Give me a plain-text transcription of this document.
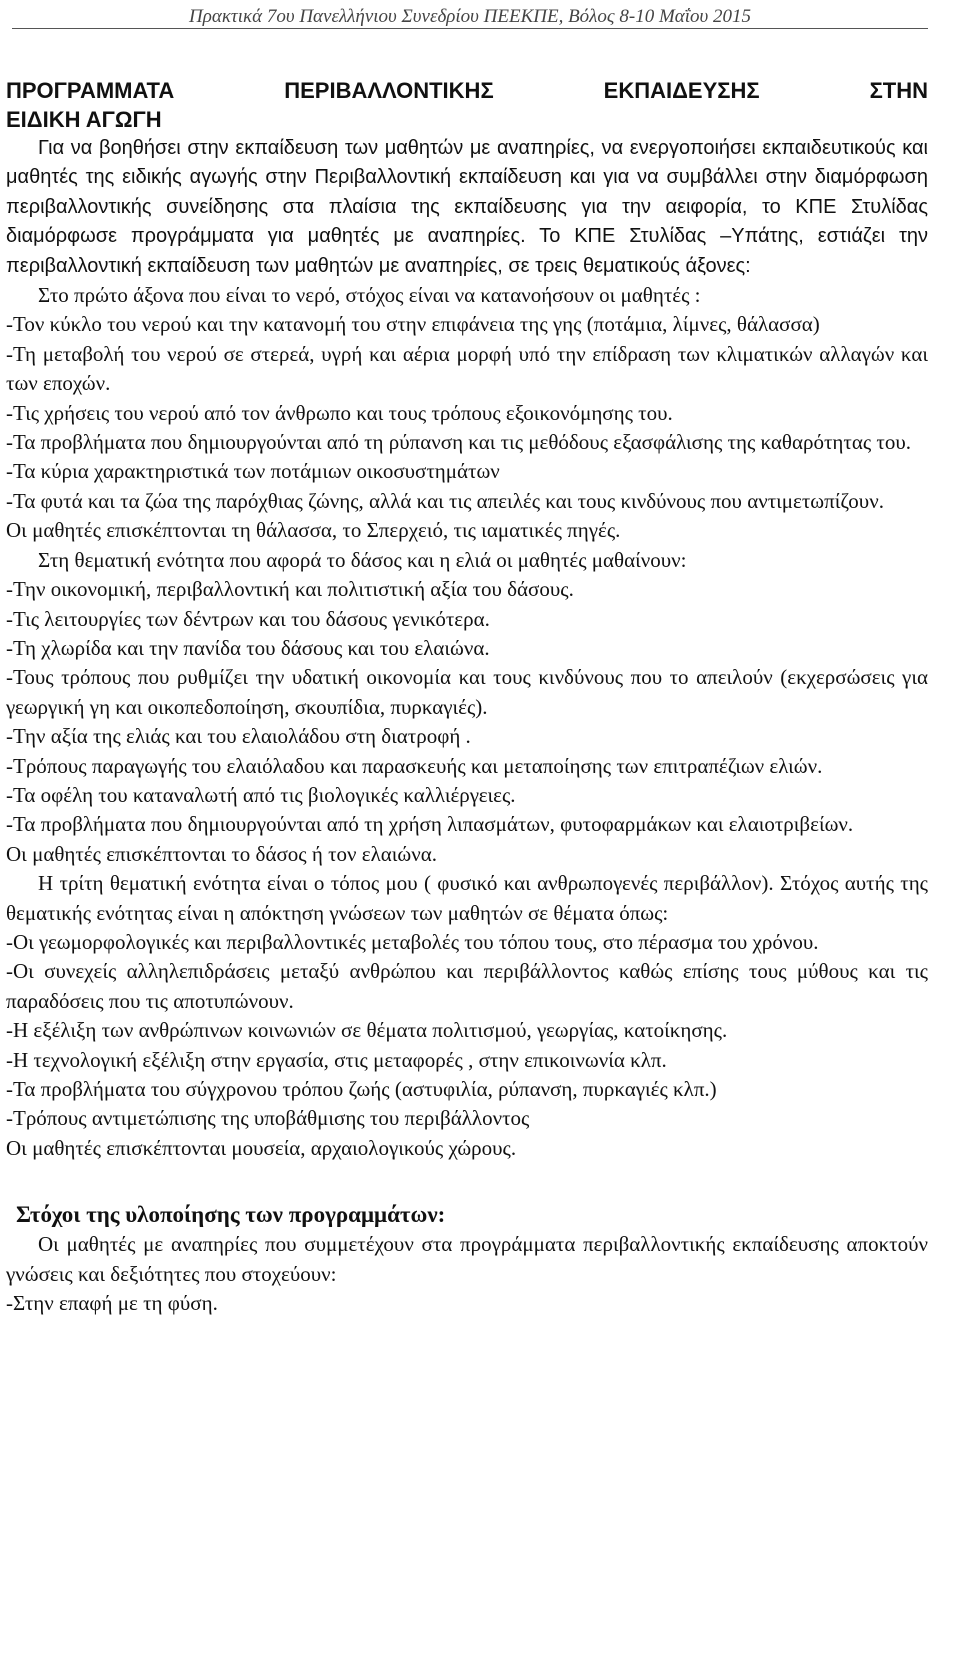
Πρακτικά 7ου Πανελλήνιου Συνεδρίου ΠΕΕΚΠΕ, Βόλος 8-10 Μαΐου 2015
ΠΡΟΓΡΑΜΜΑΤΑ	ΠΕΡΙΒΑΛΛΟΝΤΙΚΗΣ	ΕΚΠΑΙΔΕΥΣΗΣ	ΣΤΗΝ
ΕΙΔΙΚΗ ΑΓΩΓΗ

Για να βοηθήσει στην εκπαίδευση των μαθητών με αναπηρίες, να ενεργοποιήσει εκπαιδευτικούς και μαθητές της ειδικής αγωγής στην Περιβαλλοντική εκπαίδευση και για να συμβάλλει στην διαμόρφωση περιβαλλοντικής συνείδησης στα πλαίσια της εκπαίδευσης για την αειφορία, το ΚΠΕ Στυλίδας διαμόρφωσε προγράμματα για μαθητές με αναπηρίες. Το ΚΠΕ Στυλίδας –Υπάτης, εστιάζει την περιβαλλοντική εκπαίδευση των μαθητών με αναπηρίες, σε τρεις θεματικούς άξονες:

Στο πρώτο άξονα που είναι το νερό, στόχος είναι να κατανοήσουν οι μαθητές :

-Τον κύκλο του νερού και την κατανομή του στην επιφάνεια της γης (ποτάμια, λίμνες, θάλασσα)

-Τη μεταβολή του νερού σε στερεά, υγρή και αέρια μορφή υπό την επίδραση των κλιματικών αλλαγών και των εποχών.

-Τις χρήσεις του νερού από τον άνθρωπο και τους τρόπους εξοικονόμησης του.

-Τα προβλήματα που δημιουργούνται από τη ρύπανση και τις μεθόδους εξασφάλισης της καθαρότητας του.

-Τα κύρια χαρακτηριστικά των ποτάμιων οικοσυστημάτων

-Τα φυτά και τα ζώα της παρόχθιας ζώνης, αλλά και τις απειλές και τους κινδύνους που αντιμετωπίζουν.

Οι μαθητές επισκέπτονται τη θάλασσα, το Σπερχειό, τις ιαματικές πηγές.

Στη θεματική ενότητα που αφορά το δάσος και η ελιά οι μαθητές μαθαίνουν:

-Την οικονομική, περιβαλλοντική και πολιτιστική αξία του δάσους.

-Τις λειτουργίες των δέντρων και του δάσους γενικότερα.

-Τη χλωρίδα και την πανίδα του δάσους και του ελαιώνα.

-Τους τρόπους που ρυθμίζει την υδατική οικονομία και τους κινδύνους που το απειλούν (εκχερσώσεις για γεωργική γη και οικοπεδοποίηση, σκουπίδια, πυρκαγιές).

-Την αξία της ελιάς και του ελαιολάδου στη διατροφή .

-Τρόπους παραγωγής του ελαιόλαδου και παρασκευής και μεταποίησης των επιτραπέζιων ελιών.

-Τα οφέλη του καταναλωτή από τις βιολογικές καλλιέργειες.

-Τα προβλήματα που δημιουργούνται από τη χρήση λιπασμάτων, φυτοφαρμάκων και ελαιοτριβείων.

Οι μαθητές επισκέπτονται το δάσος ή τον ελαιώνα.

Η τρίτη θεματική ενότητα είναι ο τόπος μου ( φυσικό και ανθρωπογενές περιβάλλον). Στόχος αυτής της θεματικής ενότητας είναι η απόκτηση γνώσεων των μαθητών σε θέματα όπως:

-Οι γεωμορφολογικές και περιβαλλοντικές μεταβολές του τόπου τους, στο πέρασμα του χρόνου.

-Οι συνεχείς αλληλεπιδράσεις μεταξύ ανθρώπου και περιβάλλοντος καθώς επίσης τους μύθους και τις παραδόσεις που τις αποτυπώνουν.

-Η εξέλιξη των ανθρώπινων κοινωνιών σε θέματα πολιτισμού, γεωργίας, κατοίκησης.

-Η τεχνολογική εξέλιξη στην εργασία, στις μεταφορές , στην επικοινωνία κλπ.

-Τα προβλήματα του σύγχρονου τρόπου ζωής (αστυφιλία, ρύπανση, πυρκαγιές κλπ.)

-Τρόπους αντιμετώπισης της υποβάθμισης του περιβάλλοντος

Οι μαθητές επισκέπτονται μουσεία, αρχαιολογικούς χώρους.

Στόχοι της υλοποίησης των προγραμμάτων:

Οι μαθητές με αναπηρίες που συμμετέχουν στα προγράμματα περιβαλλοντικής εκπαίδευσης αποκτούν γνώσεις και δεξιότητες που στοχεύουν:

-Στην επαφή με τη φύση.
